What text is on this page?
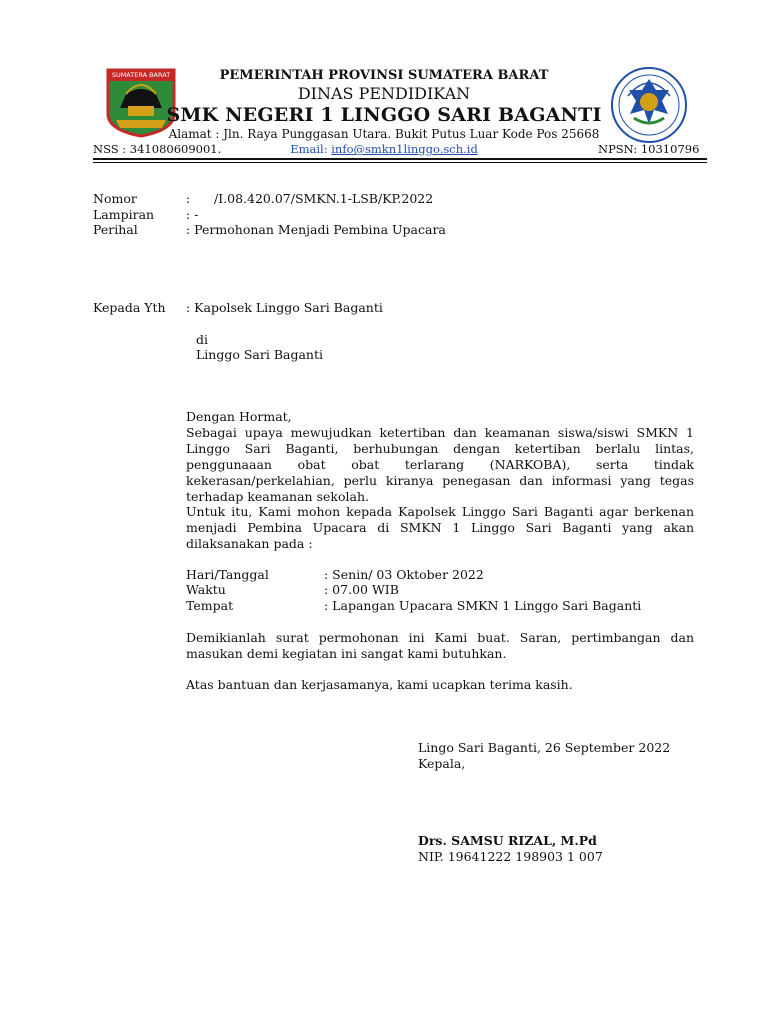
SUMATERA BARAT	PEMERINTAH PROVINSI SUMATERA BARAT
DINAS PENDIDIKAN
SMK NEGERI 1 LINGGO SARI BAGANTI
Alamat : Jln. Raya Punggasan Utara. Bukit Putus Luar Kode Pos 25668
NSS : 341080609001.	Email: info@smkn1linggo.sch.id	NPSN: 10310796
Nomor	: /I.08.420.07/SMKN.1-LSB/KP.2022
Lampiran	: -
Perihal	: Permohonan Menjadi Pembina Upacara
Kepada Yth : Kapolsek Linggo Sari Baganti
di
Linggo Sari Baganti
Dengan Hormat,
Sebagai upaya mewujudkan ketertiban dan keamanan siswa/siswi SMKN 1 Linggo Sari Baganti, berhubungan dengan ketertiban berlalu lintas, penggunaaan obat obat terlarang (NARKOBA), serta tindak kekerasan/perkelahian, perlu kiranya penegasan dan informasi yang tegas terhadap keamanan sekolah.
Untuk itu, Kami mohon kepada Kapolsek Linggo Sari Baganti agar berkenan menjadi Pembina Upacara di SMKN 1 Linggo Sari Baganti yang akan dilaksanakan pada :
Hari/Tanggal	: Senin/ 03 Oktober 2022
Waktu	: 07.00 WIB
Tempat	: Lapangan Upacara SMKN 1 Linggo Sari Baganti
Demikianlah surat permohonan ini Kami buat. Saran, pertimbangan dan masukan demi kegiatan ini sangat kami butuhkan.
Atas bantuan dan kerjasamanya, kami ucapkan terima kasih.
Lingo Sari Baganti, 26 September 2022
Kepala,
Drs. SAMSU RIZAL, M.Pd
NIP. 19641222 198903 1 007
